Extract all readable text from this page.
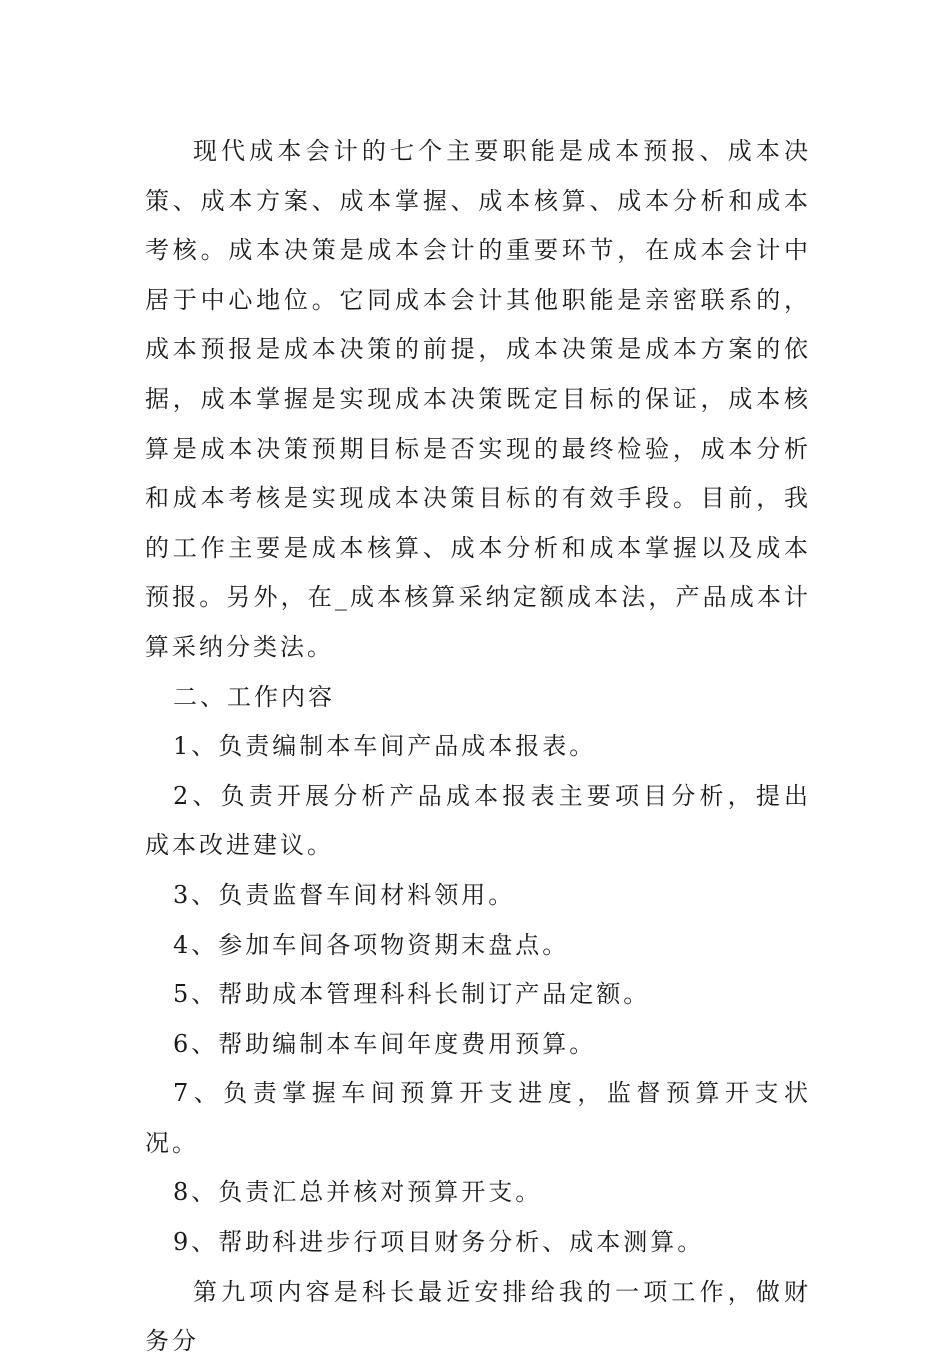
现代成本会计的七个主要职能是成本预报、成本决策、成本方案、成本掌握、成本核算、成本分析和成本考核。成本决策是成本会计的重要环节，在成本会计中居于中心地位。它同成本会计其他职能是亲密联系的，成本预报是成本决策的前提，成本决策是成本方案的依据，成本掌握是实现成本决策既定目标的保证，成本核算是成本决策预期目标是否实现的最终检验，成本分析和成本考核是实现成本决策目标的有效手段。目前，我的工作主要是成本核算、成本分析和成本掌握以及成本预报。另外，在_成本核算采纳定额成本法，产品成本计算采纳分类法。

二、工作内容

1、负责编制本车间产品成本报表。

2、负责开展分析产品成本报表主要项目分析，提出成本改进建议。

3、负责监督车间材料领用。

4、参加车间各项物资期末盘点。

5、帮助成本管理科科长制订产品定额。

6、帮助编制本车间年度费用预算。

7、负责掌握车间预算开支进度，监督预算开支状况。

8、负责汇总并核对预算开支。

9、帮助科进步行项目财务分析、成本测算。

第九项内容是科长最近安排给我的一项工作，做财务分
